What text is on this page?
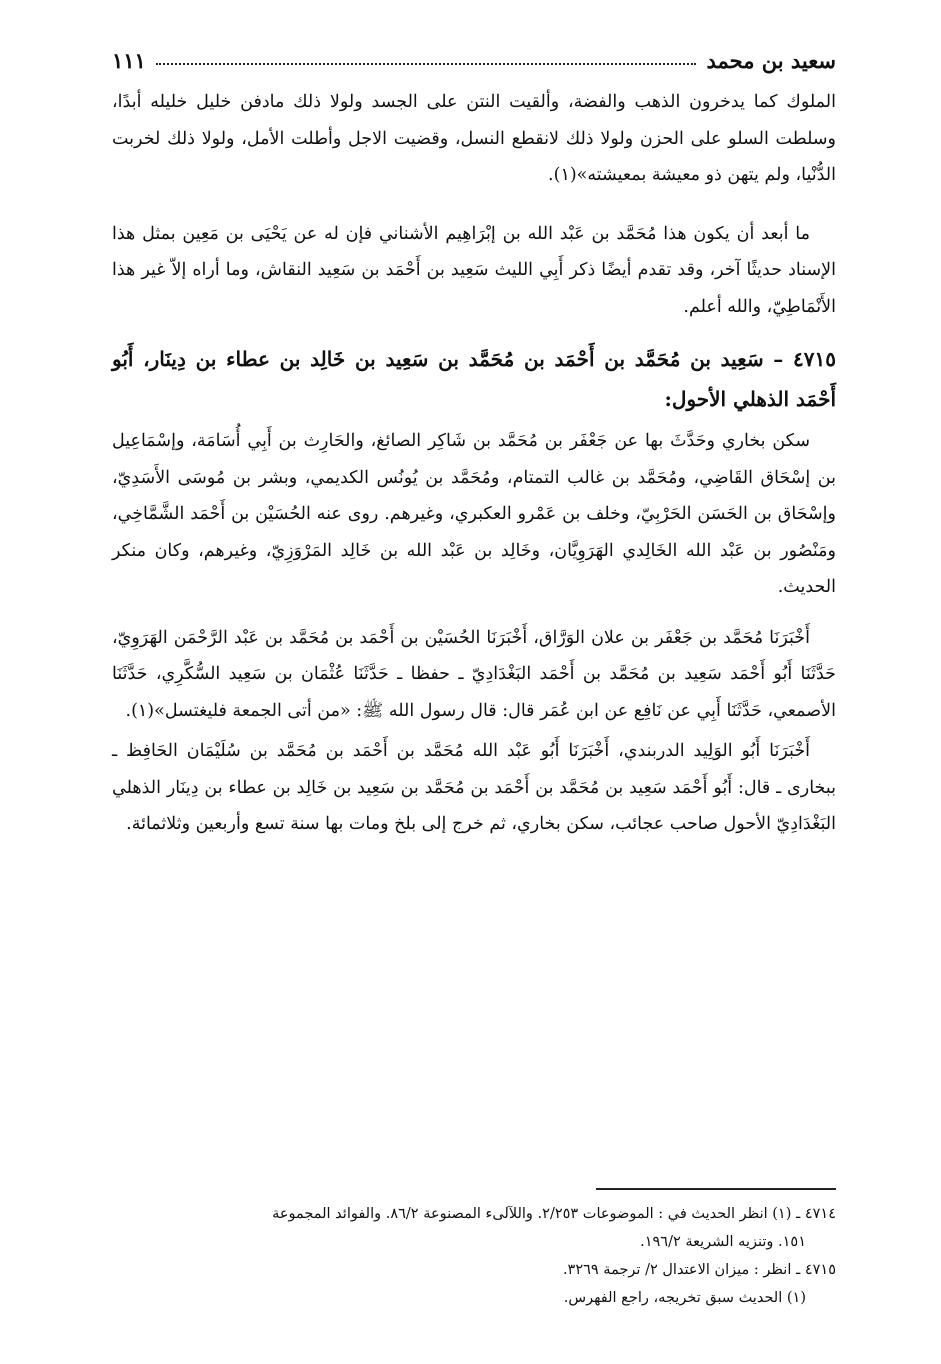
سعيد بن محمد
١١١

الملوك كما يدخرون الذهب والفضة، وألقيت النتن على الجسد ولولا ذلك مادفن خليل خليله أبدًا، وسلطت السلو على الحزن ولولا ذلك لانقطع النسل، وقضيت الاجل وأطلت الأمل، ولولا ذلك لخربت الدُّنْيا، ولم يتهن ذو معيشة بمعيشته»(١).

ما أبعد أن يكون هذا مُحَمَّد بن عَبْد الله بن إبْرَاهِيم الأشناني فإن له عن يَحْيَى بن مَعِين بمثل هذا الإسناد حديثًا آخر، وقد تقدم أيضًا ذكر أَبِي الليث سَعِيد بن أَحْمَد بن سَعِيد النقاش، وما أراه إلاّ غير هذا الأَنْمَاطِيّ، والله أعلم.

٤٧١٥ – سَعِيد بن مُحَمَّد بن أَحْمَد بن مُحَمَّد بن سَعِيد بن خَالِد بن عطاء بن دِينَار، أَبُو أَحْمَد الذهلي الأحول:

سكن بخاري وحَدَّثَ بها عن جَعْفَر بن مُحَمَّد بن شَاكِر الصائغ، والحَارِث بن أَبِي أُسَامَة، وإسْمَاعِيل بن إسْحَاق القَاضِي، ومُحَمَّد بن غالب التمتام، ومُحَمَّد بن يُونُس الكديمي، وبشر بن مُوسَى الأَسَدِيّ، وإسْحَاق بن الحَسَن الحَرْبِيّ، وخلف بن عَمْرو العكبري، وغيرهم. روى عنه الحُسَيْن بن أَحْمَد الشَّمَّاخِي، ومَنْصُور بن عَبْد الله الخَالِدي الهَرَوِيَّان، وخَالِد بن عَبْد الله بن خَالِد المَرْوَزِيّ، وغيرهم، وكان منكر الحديث.

أَخْبَرَنَا مُحَمَّد بن جَعْفَر بن علان الوَرَّاق، أَخْبَرَنَا الحُسَيْن بن أَحْمَد بن مُحَمَّد بن عَبْد الرَّحْمَن الهَرَوِيّ، حَدَّثَنَا أَبُو أَحْمَد سَعِيد بن مُحَمَّد بن أَحْمَد البَغْدَادِيّ ـ حفظا ـ حَدَّثَنَا عُثْمَان بن سَعِيد السُّكَّرِي، حَدَّثَنَا الأصمعي، حَدَّثَنَا أَبِي عن نَافِع عن ابن عُمَر قال: قال رسول الله ﷺ: «من أتى الجمعة فليغتسل»(١).

أَخْبَرَنَا أَبُو الوَلِيد الدربندي، أَخْبَرَنَا أَبُو عَبْد الله مُحَمَّد بن أَحْمَد بن مُحَمَّد بن سُلَيْمَان الحَافِظ ـ ببخارى ـ قال: أَبُو أَحْمَد سَعِيد بن مُحَمَّد بن أَحْمَد بن مُحَمَّد بن سَعِيد بن خَالِد بن عطاء بن دِينَار الذهلي البَغْدَادِيّ الأحول صاحب عجائب، سكن بخاري، ثم خرج إلى بلخ ومات بها سنة تسع وأربعين وثلاثمائة.

٤٧١٤ ـ (١) انظر الحديث في : الموضوعات ٢/٢٥٣. واللآلىء المصنوعة ٨٦/٢. والفوائد المجموعة

١٥١. وتنزيه الشريعة ١٩٦/٢.

٤٧١٥ ـ انظر : ميزان الاعتدال ٢/ ترجمة ٣٢٦٩.

(١) الحديث سبق تخريجه، راجع الفهرس.
